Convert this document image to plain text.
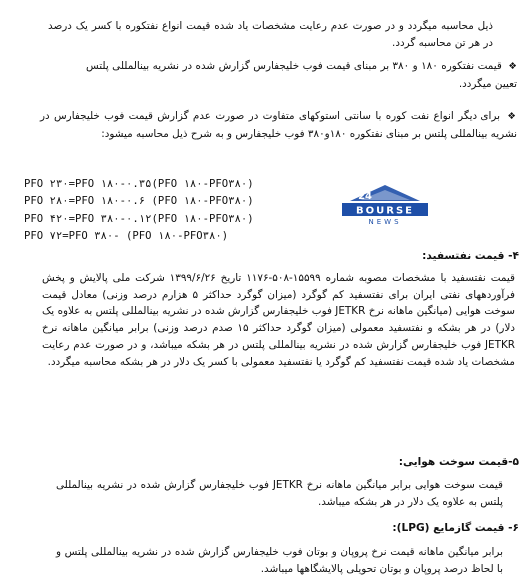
ذیل محاسبه میگردد و در صورت عدم رعایت مشخصات یاد شده قیمت انواع نفتکوره با کسر یک درصد در هر تن محاسبه گردد.

❖ قیمت نفتکوره ۱۸۰ و ۳۸۰ بر مبنای قیمت فوب خلیجفارس گزارش شده در نشریه بینالمللی پلتس تعیین میگردد.

❖ برای دیگر انواع نفت کوره با سانتی استوکهای متفاوت در صورت عدم گزارش قیمت فوب خلیجفارس در نشریه بینالمللی پلتس بر مبنای نفتکوره ۱۸۰و۳۸۰ فوب خلیجفارس و به شرح ذیل محاسبه میشود:

PFO ۲۳۰=PFO ۱۸۰-۰.۳۵(PFO ۱۸۰-PFO۳۸۰)
PFO ۲۸۰=PFO ۱۸۰-۰.۶ (PFO ۱۸۰-PFO۳۸۰)
PFO ۴۲۰=PFO ۳۸۰-۰.۱۲(PFO ۱۸۰-PFO۳۸۰)
PFO ۷۲=PFO ۳۸۰- (PFO ۱۸۰-PFO۳۸۰)
24
BOURSE
NEWS

۴- قیمت نفتسفید:

قیمت نفتسفید با مشخصات مصوبه شماره ۱۵۵۹۹-۵۰۸-۱۱۷۶ تاریخ ۱۳۹۹/۶/۲۶ شرکت ملی پالایش و پخش فرآوردههای نفتی ایران برای نفتسفید کم گوگرد (میزان گوگرد حداکثر ۵ هزارم درصد وزنی) معادل قیمت سوخت هوایی (میانگین ماهانه نرخ JETKR فوب خلیجفارس گزارش شده در نشریه بینالمللی پلتس به علاوه یک دلار) در هر بشکه و نفتسفید معمولی (میزان گوگرد حداکثر ۱۵ صدم درصد وزنی) برابر میانگین ماهانه نرخ JETKR فوب خلیجفارس گزارش شده در نشریه بینالمللی پلتس در هر بشکه میباشد، و در صورت عدم رعایت مشخصات یاد شده قیمت نفتسفید کم گوگرد یا نفتسفید معمولی با کسر یک دلار در هر بشکه محاسبه میگردد.

۵-قیمت سوخت هوایی:

قیمت سوخت هوایی برابر میانگین ماهانه نرخ JETKR فوب خلیجفارس گزارش شده در نشریه بینالمللی پلتس به علاوه یک دلار در هر بشکه میباشد.

۶- قیمت گازمایع (LPG):

برابر میانگین ماهانه قیمت نرخ پروپان و بوتان فوب خلیجفارس گزارش شده در نشریه بینالمللی پلتس و با لحاظ درصد پروپان و بوتان تحویلی پالایشگاهها میباشد.
